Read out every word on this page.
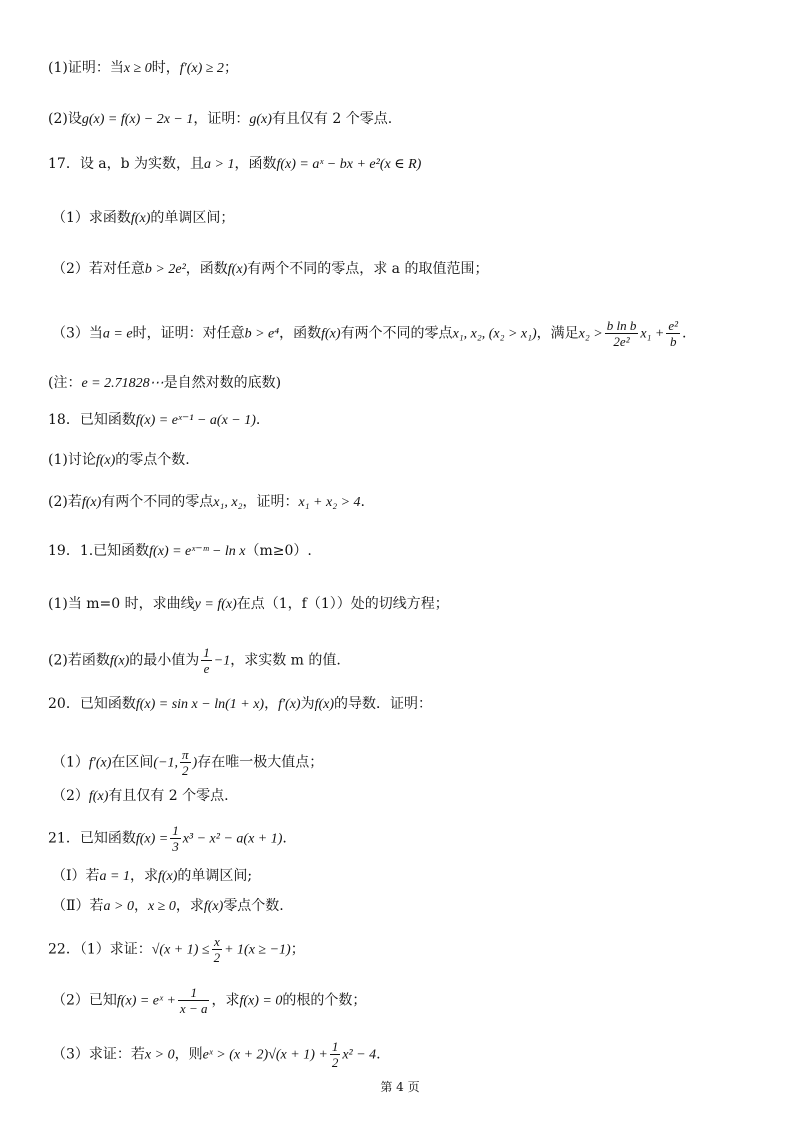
(1)证明：当x ≥ 0时，f′(x) ≥ 2；
(2)设g(x) = f(x) − 2x − 1，证明：g(x)有且仅有 2 个零点.
17．设 a，b 为实数，且a > 1，函数f(x) = aˣ − bx + e²(x ∈ R)
（1）求函数f(x)的单调区间；
（2）若对任意b > 2e²，函数f(x)有两个不同的零点，求 a 的取值范围；
（3）当a = e时，证明：对任意b > e⁴，函数f(x)有两个不同的零点x₁, x₂, (x₂ > x₁)，满足$x_2 > \frac{\text{b ln b}}{\text{2e²}} x_1 + \frac{\text{e²}}{b}$ .
(注：e = 2.71828⋯是自然对数的底数)
18．已知函数f(x) = eˣ⁻¹ − a(x − 1).
(1)讨论f(x)的零点个数.
(2)若f(x)有两个不同的零点x₁, x₂，证明：x₁ + x₂ > 4.
19．1.已知函数f(x) = eˣ⁻ᵐ − ln x（m≥0）.
(1)当 m=0 时，求曲线y = f(x)在点（1，f（1））处的切线方程；
(2)若函数f(x)的最小值为 $\frac{1}{e} -1$，求实数 m 的值.
20．已知函数f(x) = sin x − ln(1 + x)，f′(x)为f(x)的导数．证明：
（1）f′(x)在区间(−1, $\frac{\pi}{2}$ )存在唯一极大值点；
（2）f(x)有且仅有 2 个零点.
21．已知函数$f(x) = \frac{1}{3} x^3 - x^2 - a(x + 1)$.
（Ⅰ）若a = 1，求f(x)的单调区间;
（Ⅱ）若a > 0，x ≥ 0，求f(x)零点个数.
22．（1）求证：$√(x + 1) \le \frac{x}{2} + 1(x \ge -1)$；
（2）已知f(x) = eˣ + $\frac{1}{x - a}$ ，求f(x) = 0的根的个数；
（3）求证：若x > 0，则eˣ > $(x + 2)√(x + 1) + \frac{1}{2} x^2 - 4$.
第 4 页
